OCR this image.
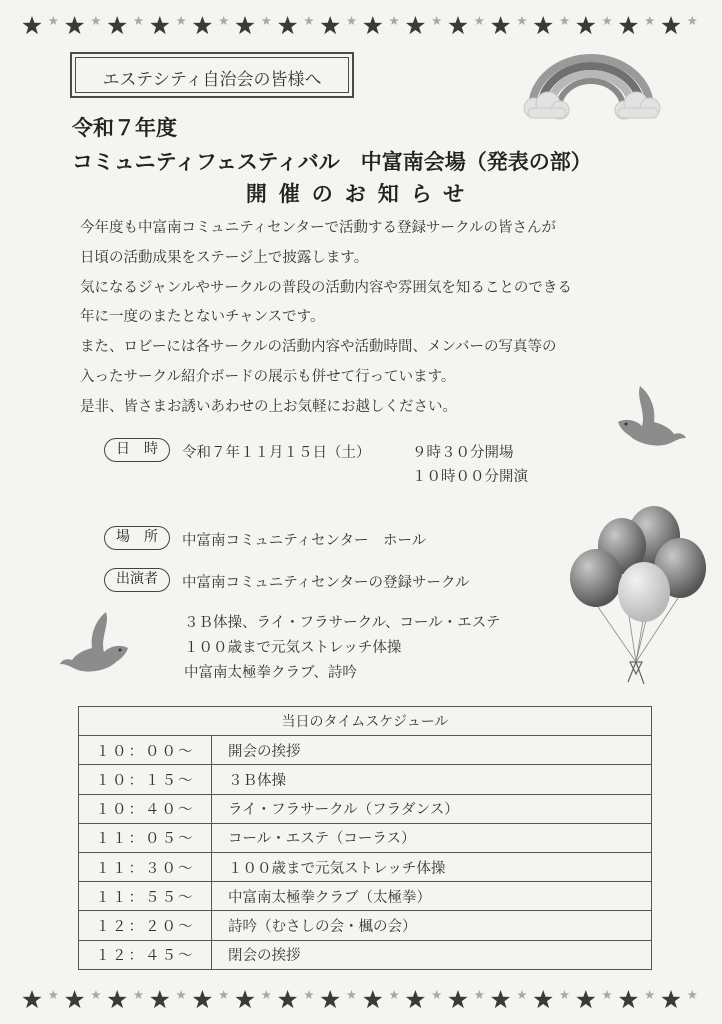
エステシティ自治会の皆様へ
令和７年度
コミュニティフェスティバル　中富南会場（発表の部）
開催のお知らせ

今年度も中富南コミュニティセンターで活動する登録サークルの皆さんが

日頃の活動成果をステージ上で披露します。

気になるジャンルやサークルの普段の活動内容や雰囲気を知ることのできる

年に一度のまたとないチャンスです。

また、ロビーには各サークルの活動内容や活動時間、メンバーの写真等の

入ったサークル紹介ボードの展示も併せて行っています。

是非、皆さまお誘いあわせの上お気軽にお越しください。

日　時	令和７年１１月１５日（土）	９時３０分開場
１０時００分開演
場　所	中富南コミュニティセンター　ホール
出演者	中富南コミュニティセンターの登録サークル
３Ｂ体操、ライ・フラサークル、コール・エステ
１００歳まで元気ストレッチ体操
中富南太極拳クラブ、詩吟
当日のタイムスケジュール	
１０：００～	開会の挨拶
１０：１５～	３Ｂ体操
１０：４０～	ライ・フラサークル（フラダンス）
１１：０５～	コール・エステ（コーラス）
１１：３０～	１００歳まで元気ストレッチ体操
１１：５５～	中富南太極拳クラブ（太極拳）
１２：２０～	詩吟（むさしの会・楓の会）
１２：４５～	閉会の挨拶
